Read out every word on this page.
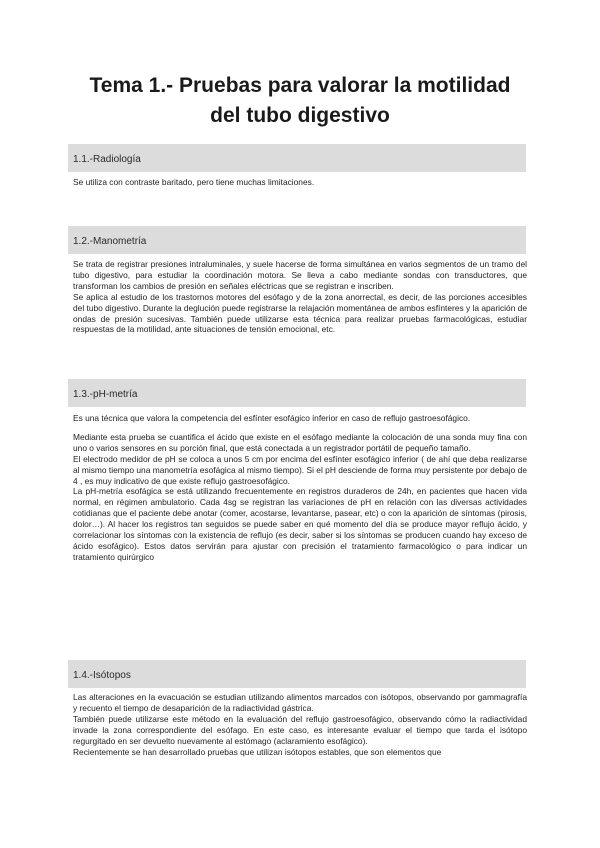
Tema 1.- Pruebas para valorar la motilidad
del tubo digestivo
1.1.-Radiología

Se utiliza con contraste baritado, pero tiene muchas limitaciones.

1.2.-Manometría

Se trata de registrar presiones intraluminales, y suele hacerse de forma simultánea en varios segmentos de un tramo del tubo digestivo, para estudiar la coordinación motora. Se lleva a cabo mediante sondas con transductores, que transforman los cambios de presión en señales eléctricas que se registran e inscriben.

Se aplica al estudio de los trastornos motores del esófago y de la zona anorrectal, es decir, de las porciones accesibles del tubo digestivo. Durante la deglución puede registrarse la relajación momentánea de ambos esfínteres y la aparición de ondas de presión sucesivas. También puede utilizarse esta técnica para realizar pruebas farmacológicas, estudiar respuestas de la motilidad, ante situaciones de tensión emocional, etc.

1.3.-pH-metría

Es una técnica que valora la competencia del esfínter esofágico inferior en caso de reflujo gastroesofágico.

Mediante esta prueba se cuantifica el ácido que existe en el esófago mediante la colocación de una sonda muy fina con uno o varios sensores en su porción final, que está conectada a un registrador portátil de pequeño tamaño.

El electrodo medidor de pH se coloca a unos 5 cm por encima del esfínter esofágico inferior ( de ahí que deba realizarse al mismo tiempo una manometría esofágica al mismo tiempo). Si el pH desciende de forma muy persistente por debajo de 4 , es muy indicativo de que existe reflujo gastroesofágico.

La pH-metría esofágica se está utilizando frecuentemente en registros duraderos de 24h, en pacientes que hacen vida normal, en régimen ambulatorio. Cada 4sg se registran las variaciones de pH en relación con las diversas actividades cotidianas que el paciente debe anotar (comer, acostarse, levantarse, pasear, etc) o con la aparición de síntomas (pirosis, dolor…). Al hacer los registros tan seguidos se puede saber en qué momento del día se produce mayor reflujo ácido, y correlacionar los síntomas con la existencia de reflujo (es decir, saber si los síntomas se producen cuando hay exceso de ácido esofágico). Estos datos servirán para ajustar con precisión el tratamiento farmacológico o para indicar un tratamiento quirúrgico

1.4.-Isótopos

Las alteraciones en la evacuación se estudian utilizando alimentos marcados con isótopos, observando por gammagrafía y recuento el tiempo de desaparición de la radiactividad gástrica.

También puede utilizarse este método en la evaluación del reflujo gastroesofágico, observando cómo la radiactividad invade la zona correspondiente del esófago. En este caso, es interesante evaluar el tiempo que tarda el isótopo regurgitado en ser devuelto nuevamente al estómago (aclaramiento esofágico).

Recientemente se han desarrollado pruebas que utilizan isótopos estables, que son elementos que
